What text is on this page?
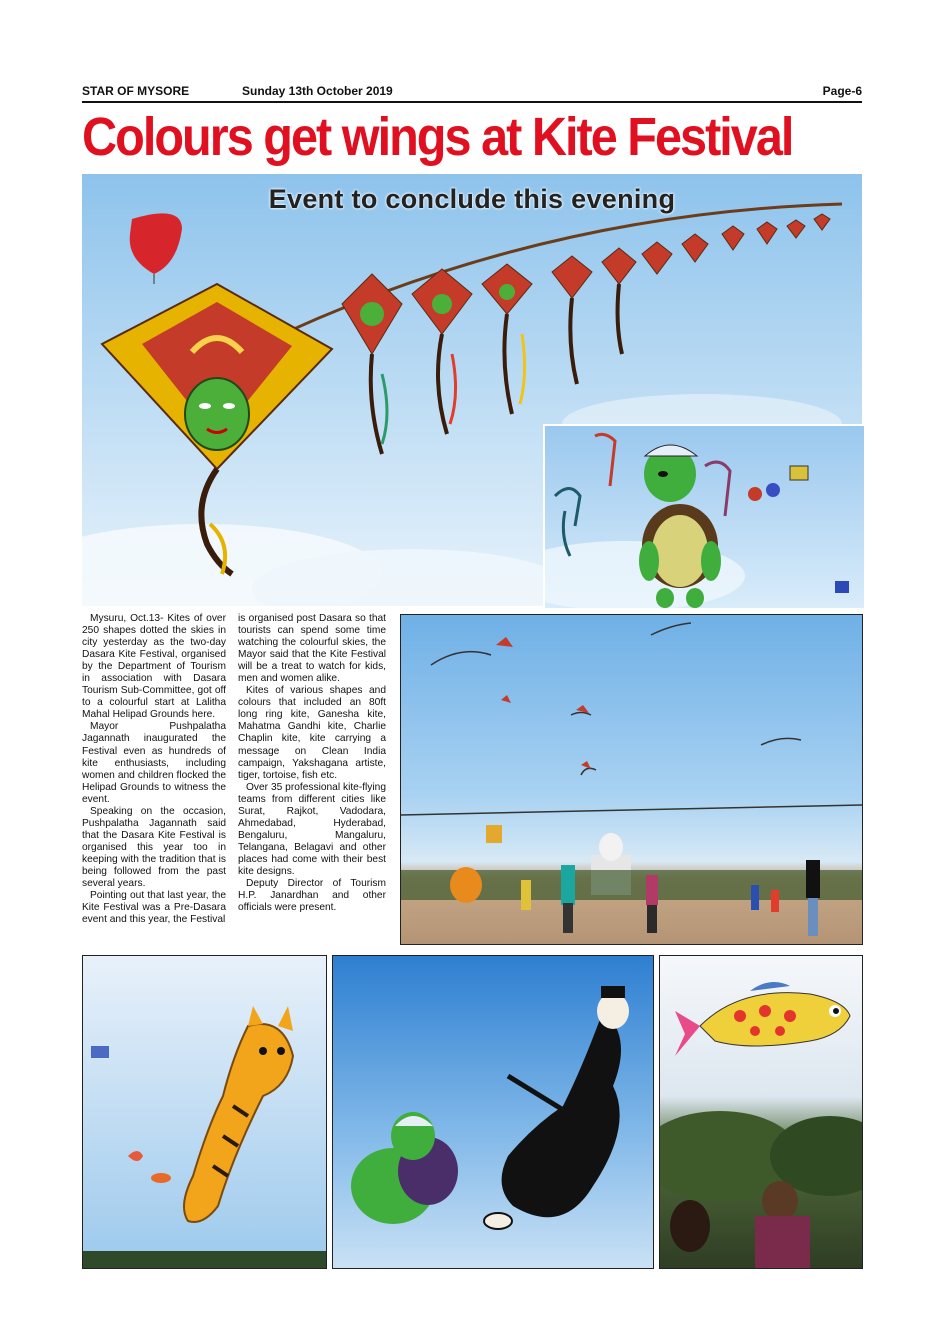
STAR OF MYSORE	Sunday 13th October 2019	Page-6
Colours get wings at Kite Festival
Event to conclude this evening

Mysuru, Oct.13- Kites of over 250 shapes dotted the skies in city yesterday as the two-day Dasara Kite Festival, organised by the Department of Tourism in association with Dasara Tourism Sub-Committee, got off to a colourful start at Lalitha Mahal Helipad Grounds here.

Mayor Pushpalatha Jagannath inaugurated the Festival even as hundreds of kite enthusiasts, including women and children flocked the Helipad Grounds to witness the event.

Speaking on the occasion, Pushpalatha Jagannath said that the Dasara Kite Festival is organised this year too in keeping with the tradition that is being followed from the past several years.

Pointing out that last year, the Kite Festival was a Pre-Dasara event and this year, the Festival

is organised post Dasara so that tourists can spend some time watching the colourful skies, the Mayor said that the Kite Festival will be a treat to watch for kids, men and women alike.

Kites of various shapes and colours that included an 80ft long ring kite, Ganesha kite, Mahatma Gandhi kite, Charlie Chaplin kite, kite carrying a message on Clean India campaign, Yakshagana artiste, tiger, tortoise, fish etc.

Over 35 professional kite-flying teams from different cities like Surat, Rajkot, Vadodara, Ahmedabad, Hyderabad, Bengaluru, Mangaluru, Telangana, Belagavi and other places had come with their best kite designs.

Deputy Director of Tourism H.P. Janardhan and other officials were present.
